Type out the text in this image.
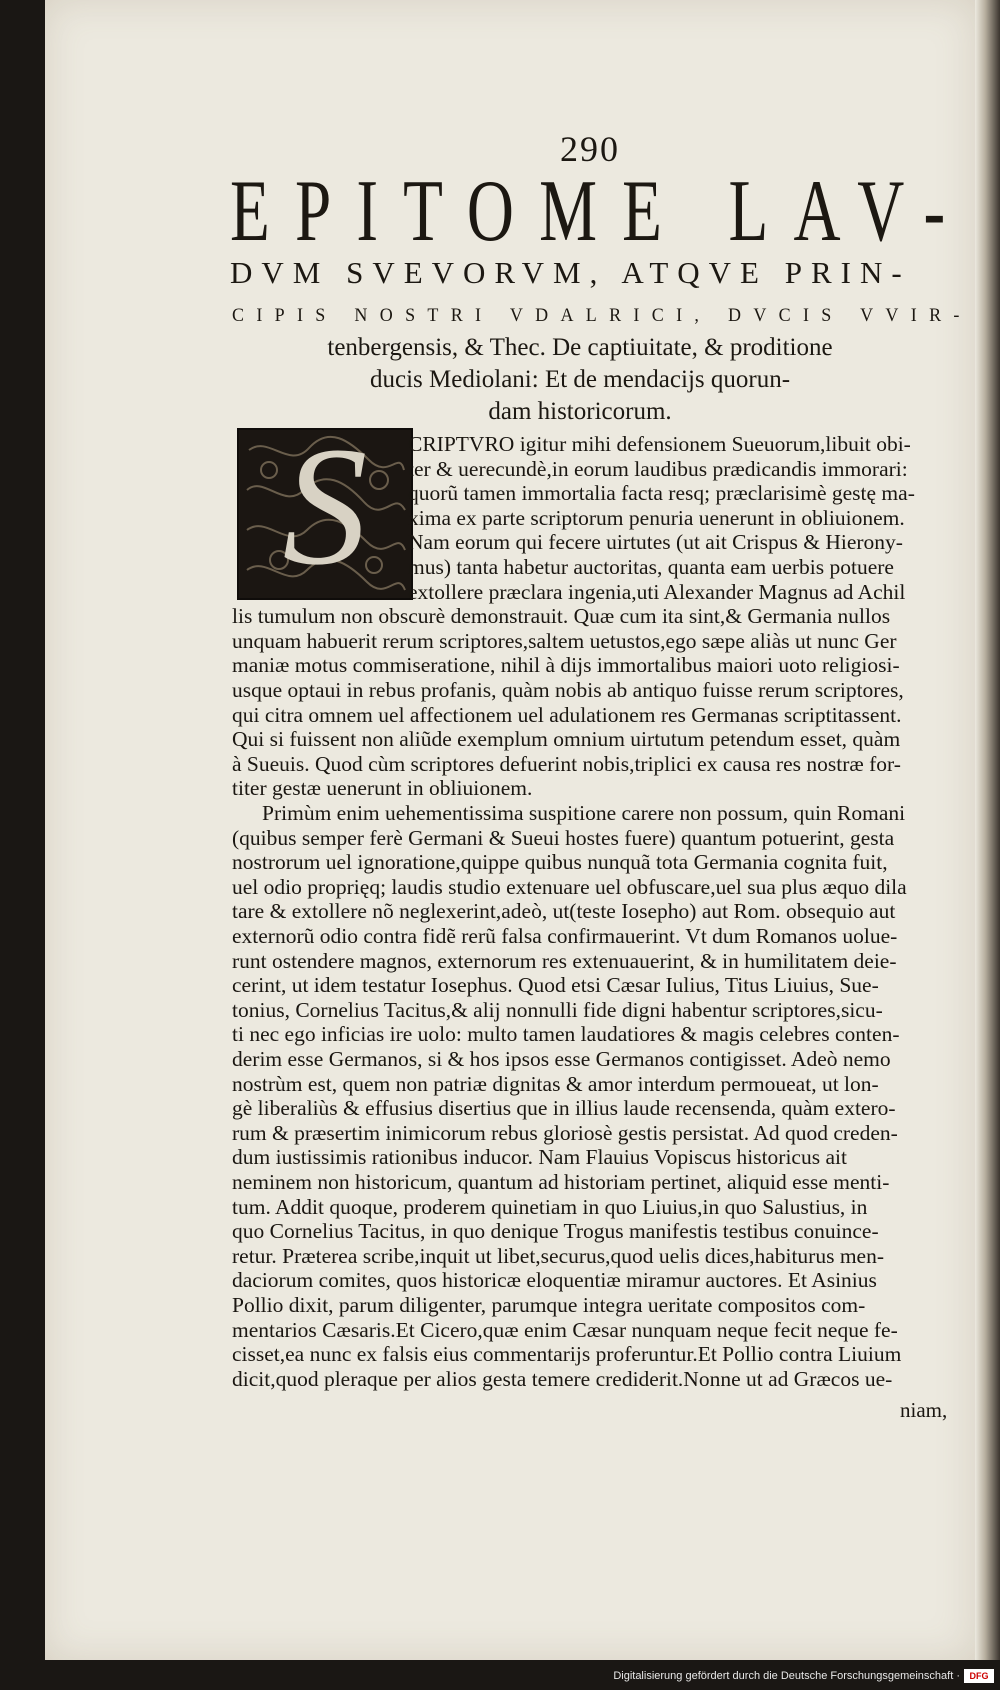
290
EPITOME LAV-
DVM SVEVORVM, ATQVE PRIN-
CIPIS NOSTRI VDALRICI, DVCIS VVIR-
tenbergensis, & Thec. De captiuitate, & proditione
ducis Mediolani: Et de mendacijs quorun-
dam historicorum.
S	CRIPTVRO igitur mihi defensionem Sueuorum,libuit obi-
ter & uerecundè,in eorum laudibus prædicandis immorari:
quorũ tamen immortalia facta resq; præclarisimè gestę ma-
xima ex parte scriptorum penuria uenerunt in obliuionem.
Nam eorum qui fecere uirtutes (ut ait Crispus & Hierony-
mus) tanta habetur auctoritas, quanta eam uerbis potuere
extollere præclara ingenia,uti Alexander Magnus ad Achil
lis tumulum non obscurè demonstrauit. Quæ cum ita sint,& Germania nullos
unquam habuerit rerum scriptores,saltem uetustos,ego sæpe aliàs ut nunc Ger
maniæ motus commiseratione, nihil à dijs immortalibus maiori uoto religiosi-
usque optaui in rebus profanis, quàm nobis ab antiquo fuisse rerum scriptores,
qui citra omnem uel affectionem uel adulationem res Germanas scriptitassent.
Qui si fuissent non aliũde exemplum omnium uirtutum petendum esset, quàm
à Sueuis. Quod cùm scriptores defuerint nobis,triplici ex causa res nostræ for-
titer gestæ uenerunt in obliuionem.
Primùm enim uehementissima suspitione carere non possum, quin Romani
(quibus semper ferè Germani & Sueui hostes fuere) quantum potuerint, gesta
nostrorum uel ignoratione,quippe quibus nunquã tota Germania cognita fuit,
uel odio proprięq; laudis studio extenuare uel obfuscare,uel sua plus æquo dila
tare & extollere nõ neglexerint,adeò, ut(teste Iosepho) aut Rom. obsequio aut
externorũ odio contra fidẽ rerũ falsa confirmauerint. Vt dum Romanos uolue-
runt ostendere magnos, externorum res extenuauerint, & in humilitatem deie-
cerint, ut idem testatur Iosephus. Quod etsi Cæsar Iulius, Titus Liuius, Sue-
tonius, Cornelius Tacitus,& alij nonnulli fide digni habentur scriptores,sicu-
ti nec ego inficias ire uolo: multo tamen laudatiores & magis celebres conten-
derim esse Germanos, si & hos ipsos esse Germanos contigisset. Adeò nemo
nostrùm est, quem non patriæ dignitas & amor interdum permoueat, ut lon-
gè liberaliùs & effusius disertius que in illius laude recensenda, quàm extero-
rum & præsertim inimicorum rebus gloriosè gestis persistat. Ad quod creden-
dum iustissimis rationibus inducor. Nam Flauius Vopiscus historicus ait
neminem non historicum, quantum ad historiam pertinet, aliquid esse menti-
tum. Addit quoque, proderem quinetiam in quo Liuius,in quo Salustius, in
quo Cornelius Tacitus, in quo denique Trogus manifestis testibus conuince-
retur. Præterea scribe,inquit ut libet,securus,quod uelis dices,habiturus men-
daciorum comites, quos historicæ eloquentiæ miramur auctores. Et Asinius
Pollio dixit, parum diligenter, parumque integra ueritate compositos com-
mentarios Cæsaris.Et Cicero,quæ enim Cæsar nunquam neque fecit neque fe-
cisset,ea nunc ex falsis eius commentarijs proferuntur.Et Pollio contra Liuium
dicit,quod pleraque per alios gesta temere crediderit.Nonne ut ad Græcos ue-
niam,
Digitalisierung gefördert durch die Deutsche Forschungsgemeinschaft ·	DFG
